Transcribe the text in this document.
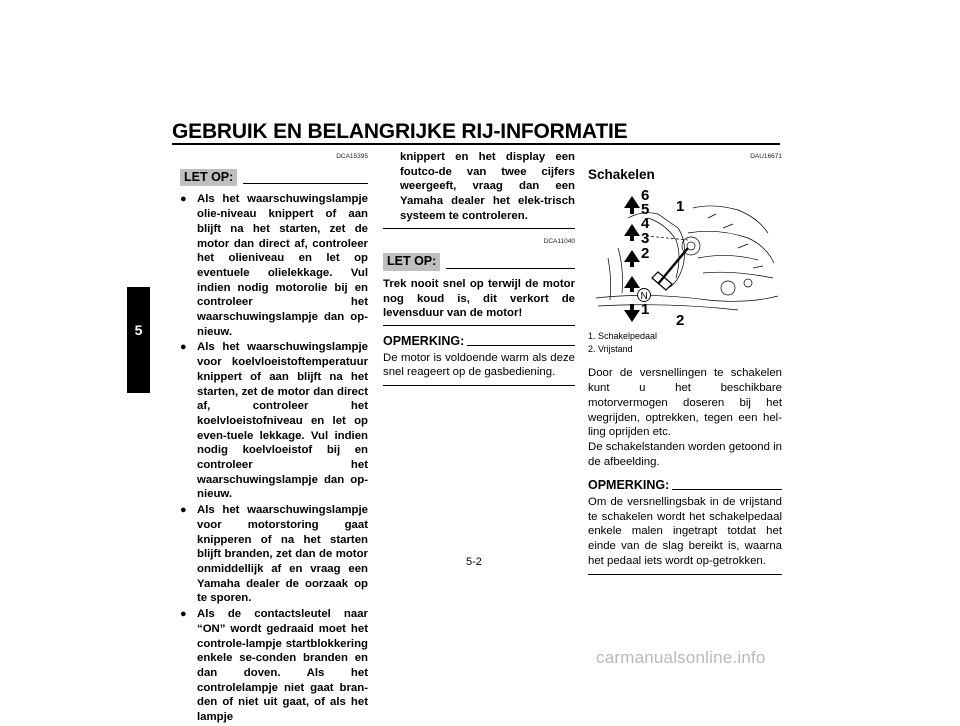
GEBRUIK EN BELANGRIJKE RIJ-INFORMATIE
5

DCA15395

LET OP:
● Als het waarschuwingslampje olie-niveau knippert of aan blijft na het starten, zet de motor dan direct af, controleer het olieniveau en let op eventuele olielekkage. Vul indien nodig motorolie bij en controleer het waarschuwingslampje dan op-nieuw.
● Als het waarschuwingslampje voor koelvloeistoftemperatuur knippert of aan blijft na het starten, zet de motor dan direct af, controleer het koelvloeistofniveau en let op even-tuele lekkage. Vul indien nodig koelvloeistof bij en controleer het waarschuwingslampje dan op-nieuw.
● Als het waarschuwingslampje voor motorstoring gaat knipperen of na het starten blijft branden, zet dan de motor onmiddellijk af en vraag een Yamaha dealer de oorzaak op te sporen.
● Als de contactsleutel naar “ON” wordt gedraaid moet het controle-lampje startblokkering enkele se-conden branden en dan doven. Als het controlelampje niet gaat bran-den of niet uit gaat, of als het lampje

knippert en het display een foutco-de van twee cijfers weergeeft, vraag dan een Yamaha dealer het elek-trisch systeem te controleren.

DCA11040

LET OP:

Trek nooit snel op terwijl de motor nog koud is, dit verkort de levensduur van de motor!

OPMERKING:

De motor is voldoende warm als deze snel reageert op de gasbediening.

DAU16671

Schakelen
6
5
4
3
2
N
1
1
2

1. Schakelpedaal

2. Vrijstand

Door de versnellingen te schakelen kunt u het beschikbare motorvermogen doseren bij het wegrijden, optrekken, tegen een hel-ling oprijden etc.

De schakelstanden worden getoond in de afbeelding.

OPMERKING:

Om de versnellingsbak in de vrijstand te schakelen wordt het schakelpedaal enkele malen ingetrapt totdat het einde van de slag bereikt is, waarna het pedaal iets wordt op-getrokken.

5-2
carmanualsonline.info
